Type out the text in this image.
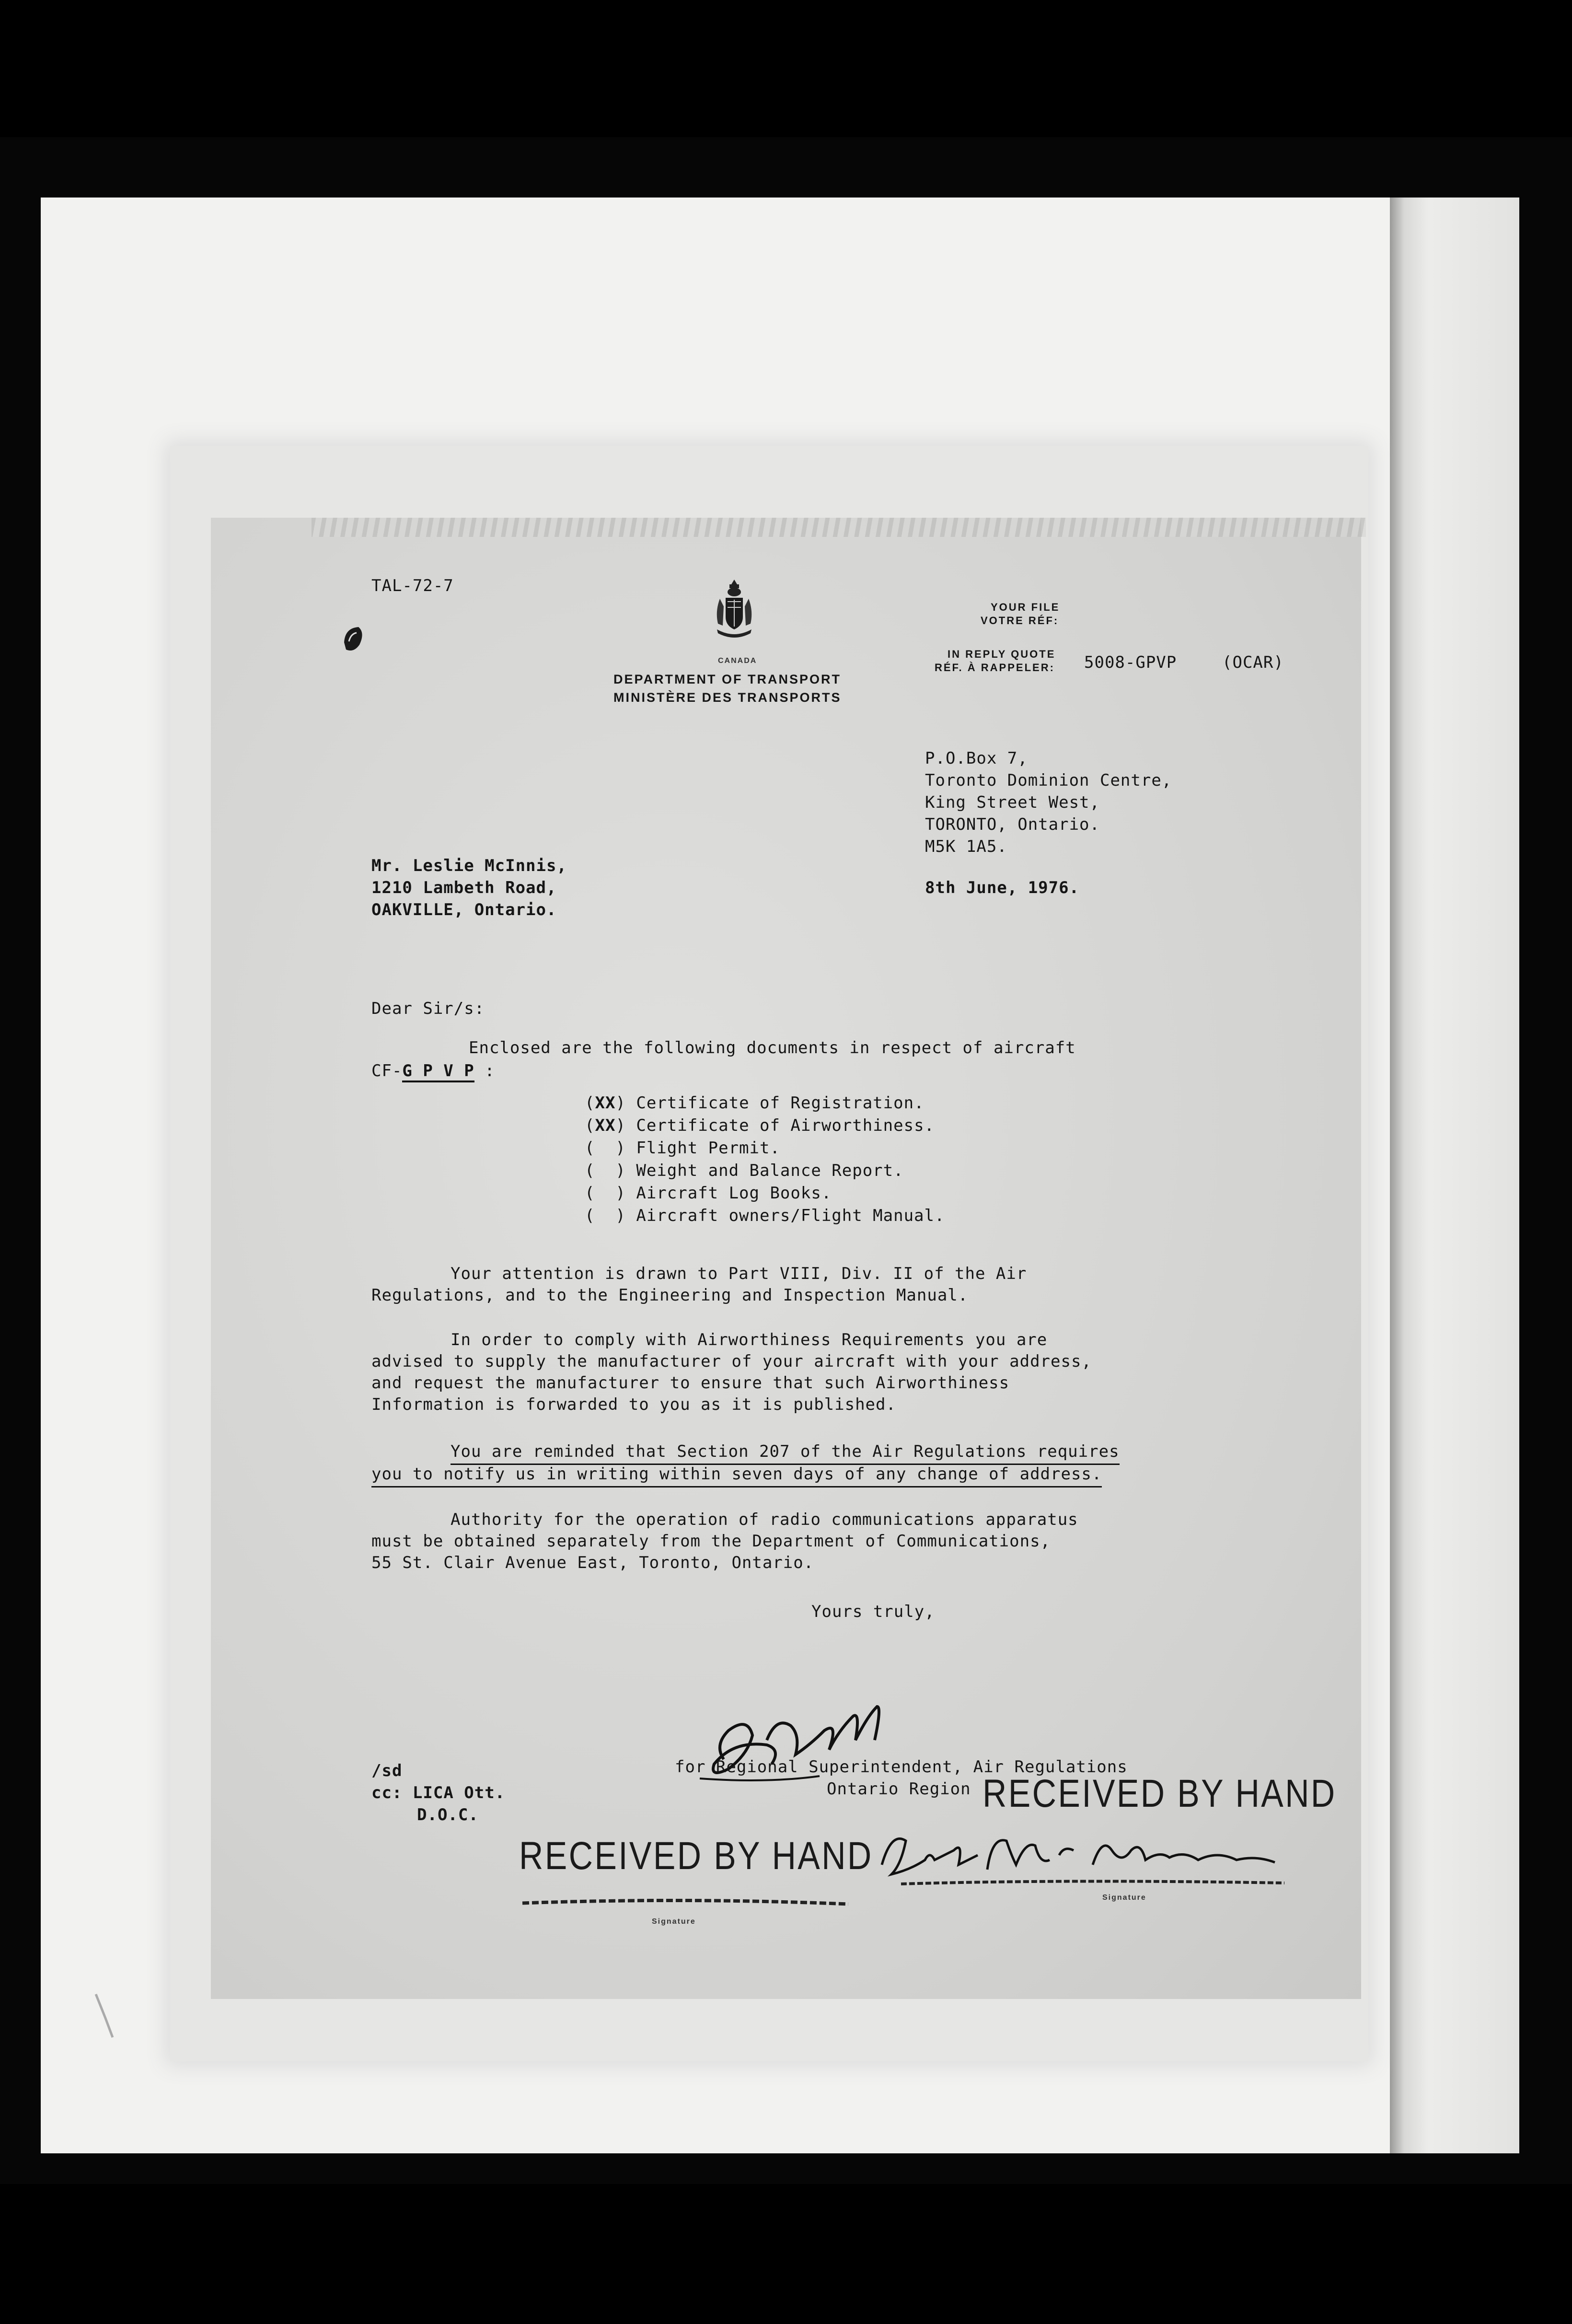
TAL-72-7
CANADA
DEPARTMENT OF TRANSPORT
MINISTÈRE DES TRANSPORTS
YOUR FILE
VOTRE RÉF:
IN REPLY QUOTE
RÉF. À RAPPELER: 5008-GPVP	(OCAR)
P.O.Box 7,
Toronto Dominion Centre,
King Street West,
TORONTO, Ontario.
M5K 1A5.
8th June, 1976.
Mr. Leslie McInnis,
1210 Lambeth Road,
OAKVILLE, Ontario.
Dear Sir/s:
Enclosed are the following documents in respect of aircraft
CF-G P V P :
(XX) Certificate of Registration.
(XX) Certificate of Airworthiness.
(  ) Flight Permit.
(  ) Weight and Balance Report.
(  ) Aircraft Log Books.
(  ) Aircraft owners/Flight Manual.
Your attention is drawn to Part VIII, Div. II of the Air
Regulations, and to the Engineering and Inspection Manual.
In order to comply with Airworthiness Requirements you are
advised to supply the manufacturer of your aircraft with your address,
and request the manufacturer to ensure that such Airworthiness
Information is forwarded to you as it is published.
You are reminded that Section 207 of the Air Regulations requires
you to notify us in writing within seven days of any change of address.
Authority for the operation of radio communications apparatus
must be obtained separately from the Department of Communications,
55 St. Clair Avenue East, Toronto, Ontario.
Yours truly,
for Regional Superintendent, Air Regulations
Ontario Region
/sd
cc: LICA Ott.
D.O.C.	RECEIVED BY HAND
RECEIVED BY HAND
Signature
Signature
